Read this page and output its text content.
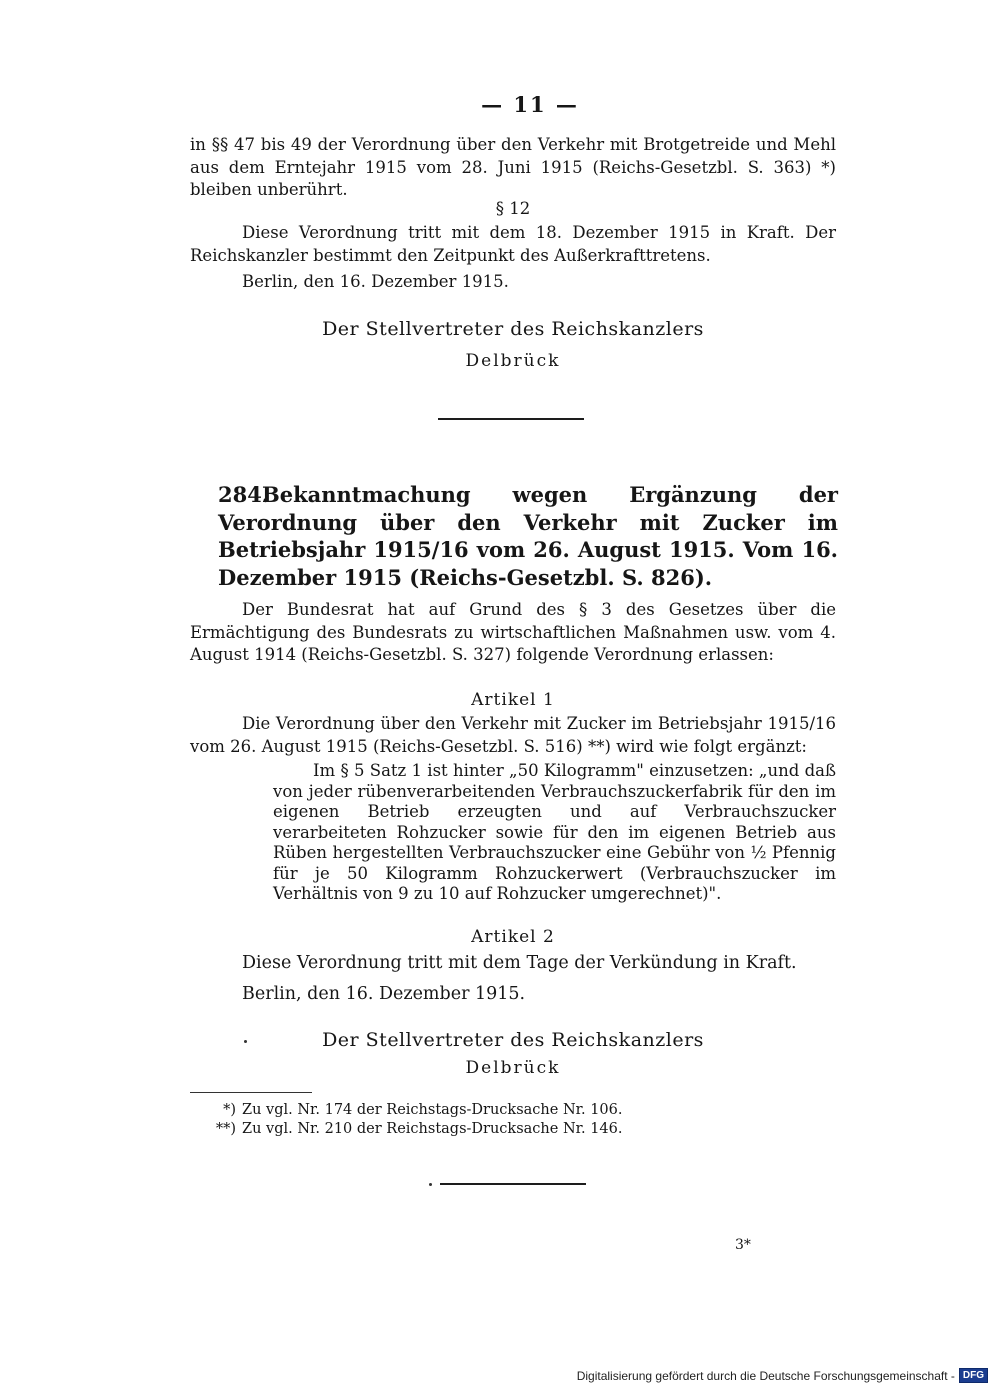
— 11 —

in §§ 47 bis 49 der Verordnung über den Verkehr mit Brotgetreide und Mehl aus dem Erntejahr 1915 vom 28. Juni 1915 (Reichs-Gesetzbl. S. 363) *) bleiben unberührt.

§ 12

Diese Verordnung tritt mit dem 18. Dezember 1915 in Kraft. Der Reichskanzler bestimmt den Zeitpunkt des Außerkrafttretens.

Berlin, den 16. Dezember 1915.
Der Stellvertreter des Reichskanzlers
Delbrück
284.Bekanntmachung wegen Ergänzung der Verordnung über den Verkehr mit Zucker im Betriebsjahr 1915/16 vom 26. August 1915. Vom 16. Dezember 1915 (Reichs-Gesetzbl. S. 826).

Der Bundesrat hat auf Grund des § 3 des Gesetzes über die Ermächtigung des Bundesrats zu wirtschaftlichen Maßnahmen usw. vom 4. August 1914 (Reichs-Gesetzbl. S. 327) folgende Verordnung erlassen:

Artikel 1

Die Verordnung über den Verkehr mit Zucker im Betriebsjahr 1915/16 vom 26. August 1915 (Reichs-Gesetzbl. S. 516) **) wird wie folgt ergänzt:

Im § 5 Satz 1 ist hinter „50 Kilogramm" einzusetzen: „und daß von jeder rübenverarbeitenden Verbrauchszuckerfabrik für den im eigenen Betrieb erzeugten und auf Verbrauchszucker verarbeiteten Rohzucker sowie für den im eigenen Betrieb aus Rüben hergestellten Verbrauchszucker eine Gebühr von ½ Pfennig für je 50 Kilogramm Rohzuckerwert (Verbrauchszucker im Verhältnis von 9 zu 10 auf Rohzucker umgerechnet)".

Artikel 2

Diese Verordnung tritt mit dem Tage der Verkündung in Kraft.

Berlin, den 16. Dezember 1915.
Der Stellvertreter des Reichskanzlers
Delbrück
*) Zu vgl. Nr. 174 der Reichstags-Drucksache Nr. 106.
**) Zu vgl. Nr. 210 der Reichstags-Drucksache Nr. 146.
3*
Digitalisierung gefördert durch die Deutsche Forschungsgemeinschaft - DFG
